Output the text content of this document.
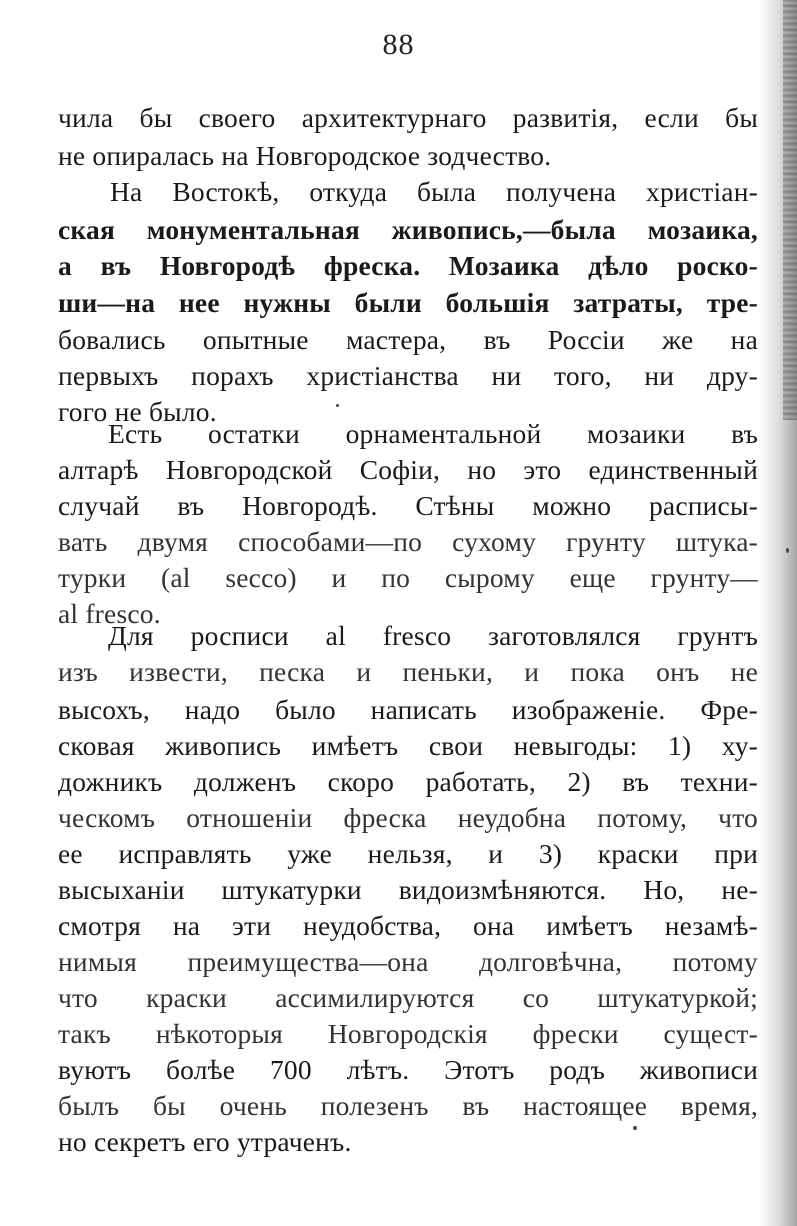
88
чила бы своего архитектурнаго развитія, если бы
не опиралась на Новгородское зодчество.
На Востокѣ, откуда была получена христіан-
ская монументальная живопись,—была мозаика,
а въ Новгородѣ фреска. Мозаика дѣло роско-
ши—на нее нужны были большія затраты, тре-
бовались опытные мастера, въ Россіи же на
первыхъ порахъ христіанства ни того, ни дру-
гого не было.
Есть остатки орнаментальной мозаики въ
алтарѣ Новгородской Софіи, но это единственный
случай въ Новгородѣ. Стѣны можно расписы-
вать двумя способами—по сухому грунту штука-
турки (al secco) и по сырому еще грунту—
al fresco.
Для росписи al fresco заготовлялся грунтъ
изъ извести, песка и пеньки, и пока онъ не
высохъ, надо было написать изображеніе. Фре-
сковая живопись имѣетъ свои невыгоды: 1) ху-
дожникъ долженъ скоро работать, 2) въ техни-
ческомъ отношеніи фреска неудобна потому, что
ее исправлять уже нельзя, и 3) краски при
высыханіи штукатурки видоизмѣняются. Но, не-
смотря на эти неудобства, она имѣетъ незамѣ-
нимыя преимущества—она долговѣчна, потому
что краски ассимилируются со штукатуркой;
такъ нѣкоторыя Новгородскія фрески сущест-
вуютъ болѣе 700 лѣтъ. Этотъ родъ живописи
былъ бы очень полезенъ въ настоящее время,
но секретъ его утраченъ.
